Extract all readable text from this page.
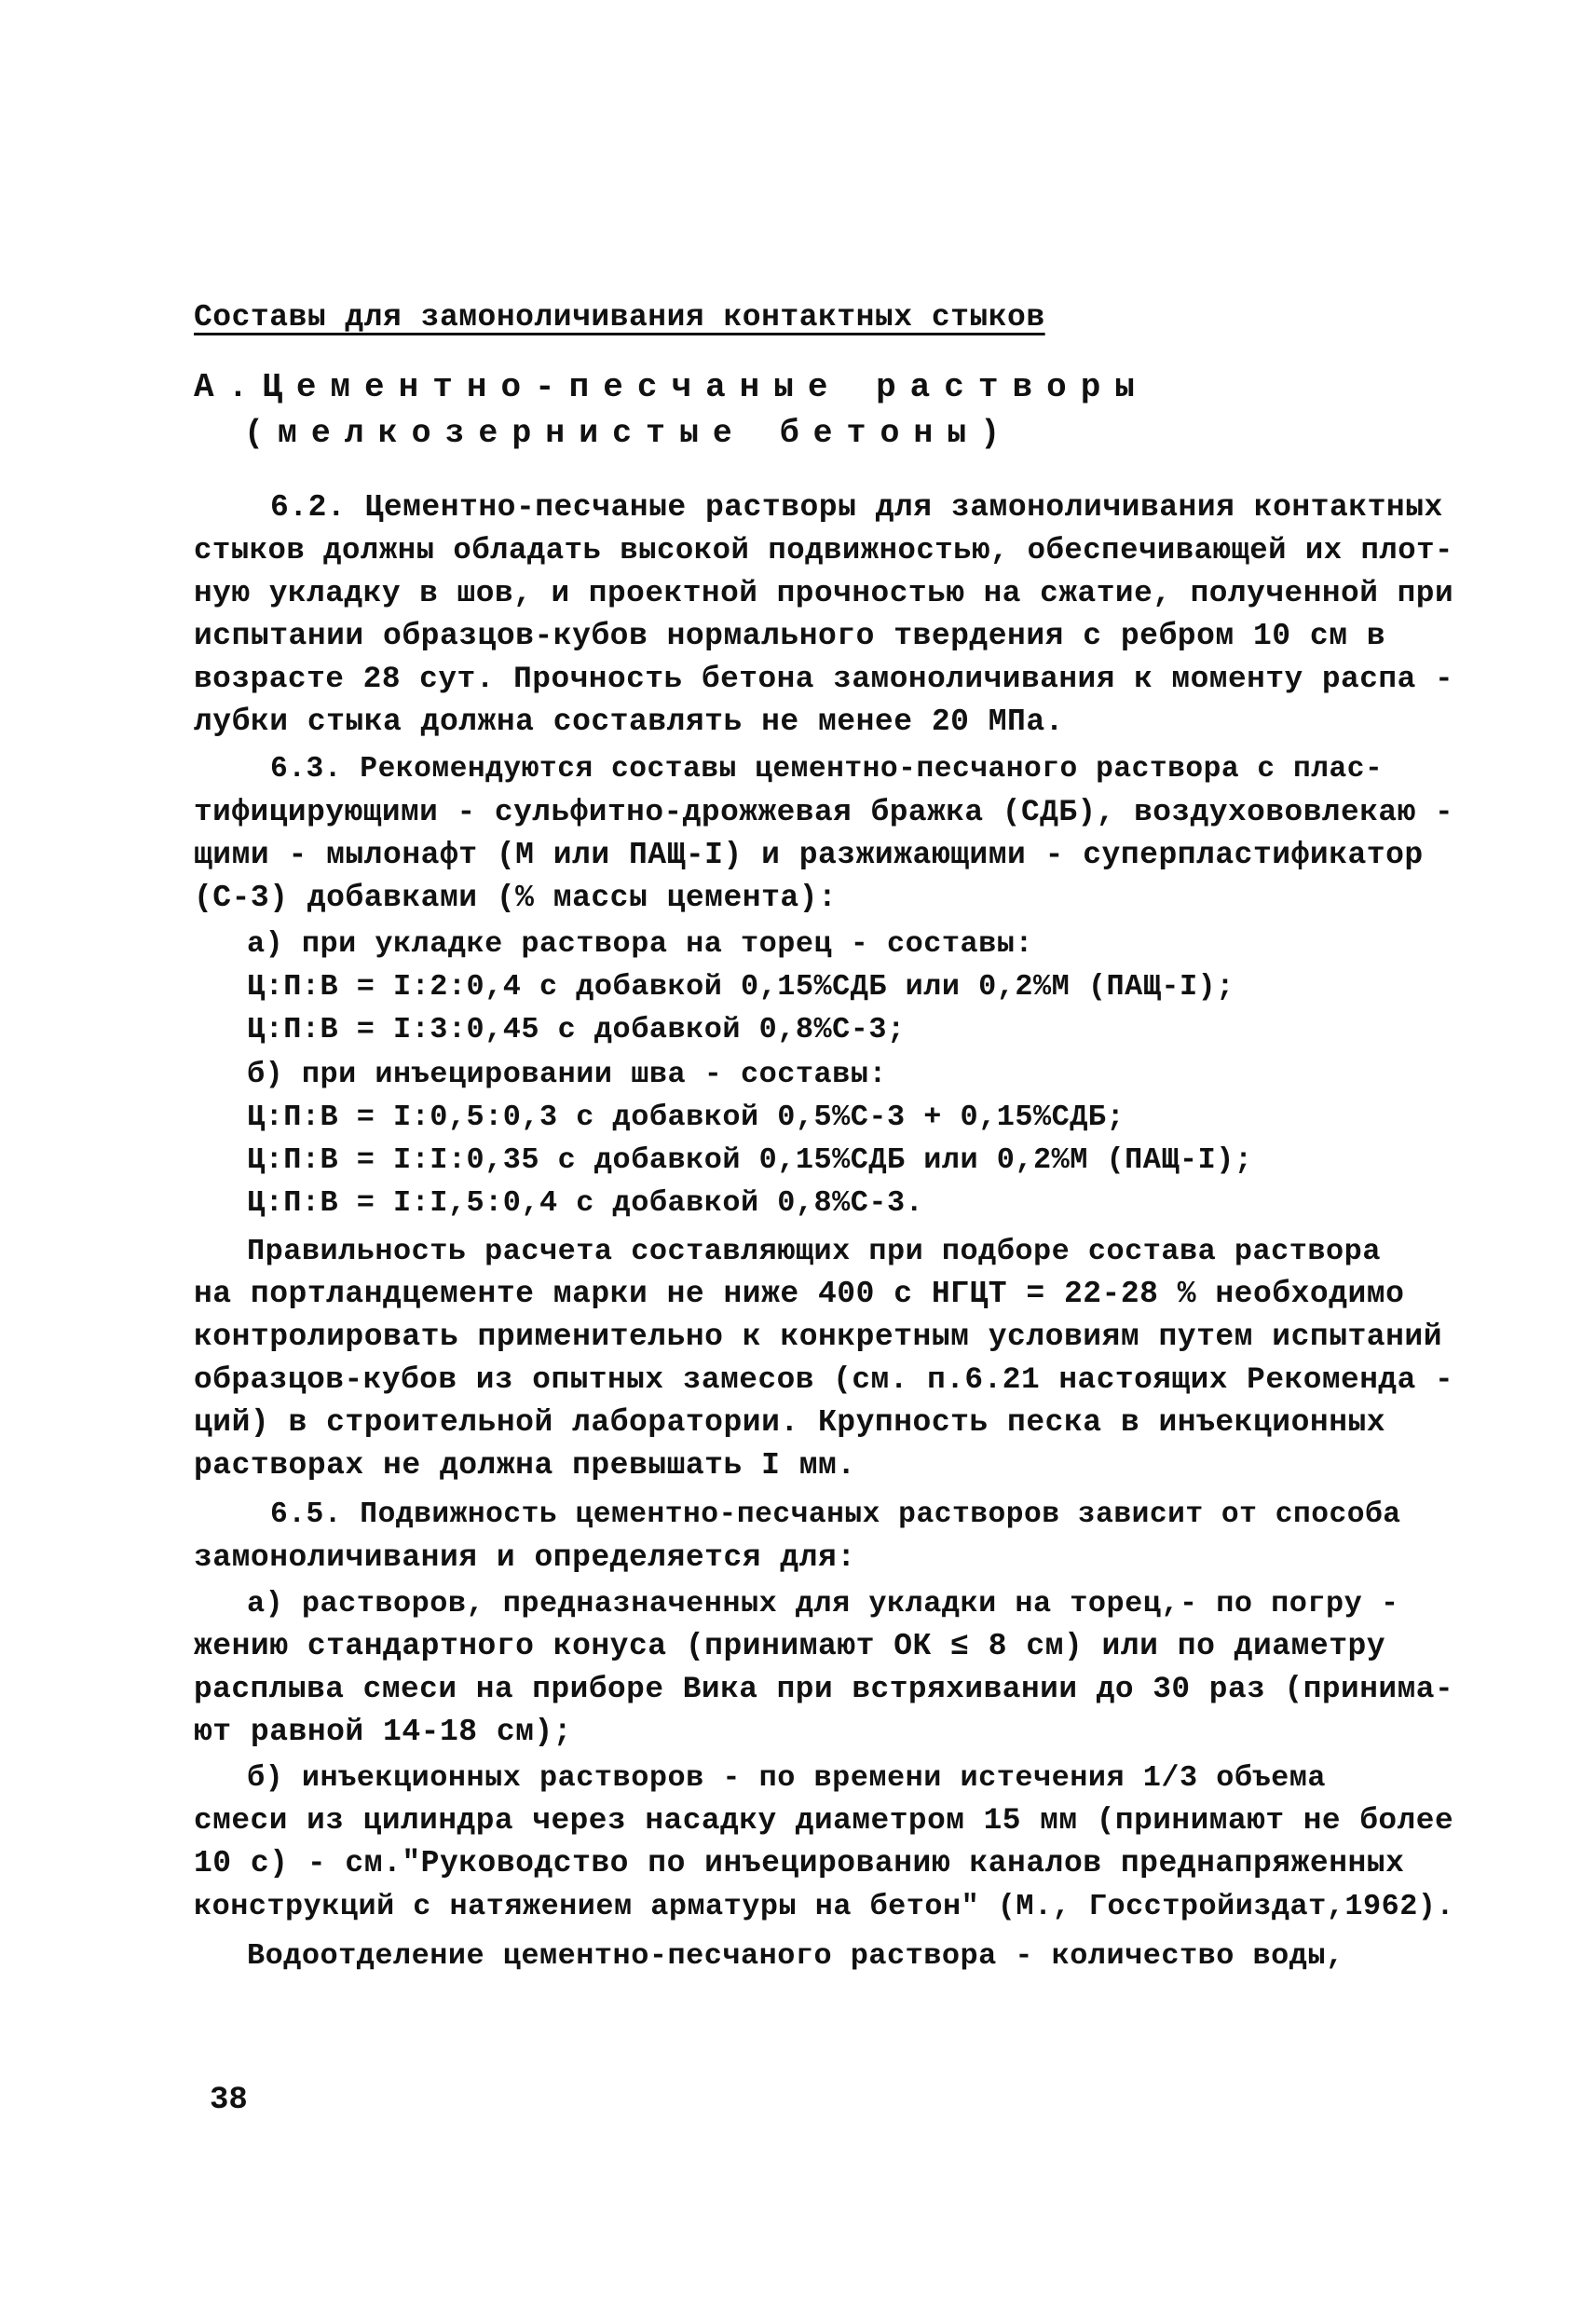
Составы для замоноличивания контактных стыков
А.Цементно-песчаные растворы
(мелкозернистые бетоны)
6.2. Цементно-песчаные растворы для замоноличивания контактных
стыков должны обладать высокой подвижностью, обеспечивающей их плот-
ную укладку в шов, и проектной прочностью на сжатие, полученной при
испытании образцов-кубов нормального твердения с ребром 10 см в
возрасте 28 сут. Прочность бетона замоноличивания к моменту распа -
лубки стыка должна составлять не менее 20 МПа.
6.3. Рекомендуются составы цементно-песчаного раствора с плас-
тифицирующими - сульфитно-дрожжевая бражка (СДБ), воздухововлекаю -
щими - мылонафт (М или ПАЩ-I) и разжижающими - суперпластификатор
(С-3) добавками (% массы цемента):
а) при укладке раствора на торец - составы:
Ц:П:В = I:2:0,4 с добавкой 0,15%СДБ или 0,2%М (ПАЩ-I);
Ц:П:В = I:3:0,45 с добавкой 0,8%С-3;
б) при инъецировании шва - составы:
Ц:П:В = I:0,5:0,3 с добавкой 0,5%С-3 + 0,15%СДБ;
Ц:П:В = I:I:0,35 с добавкой 0,15%СДБ или 0,2%М (ПАЩ-I);
Ц:П:В = I:I,5:0,4 с добавкой 0,8%С-3.
Правильность расчета составляющих при подборе состава раствора
на портландцементе марки не ниже 400 с НГЦТ = 22-28 % необходимо
контролировать применительно к конкретным условиям путем испытаний
образцов-кубов из опытных замесов (см. п.6.21 настоящих Рекоменда -
ций) в строительной лаборатории. Крупность песка в инъекционных
растворах не должна превышать I мм.
6.5. Подвижность цементно-песчаных растворов зависит от способа
замоноличивания и определяется для:
а) растворов, предназначенных для укладки на торец,- по погру -
жению стандартного конуса (принимают ОК ≤ 8 см) или по диаметру
расплыва смеси на приборе Вика при встряхивании до 30 раз (принима-
ют равной 14-18 см);
б) инъекционных растворов - по времени истечения 1/3 объема
смеси из цилиндра через насадку диаметром 15 мм (принимают не более
10 с) - см."Руководство по инъецированию каналов преднапряженных
конструкций с натяжением арматуры на бетон" (М., Госстройиздат,1962).
Водоотделение цементно-песчаного раствора - количество воды,
38
